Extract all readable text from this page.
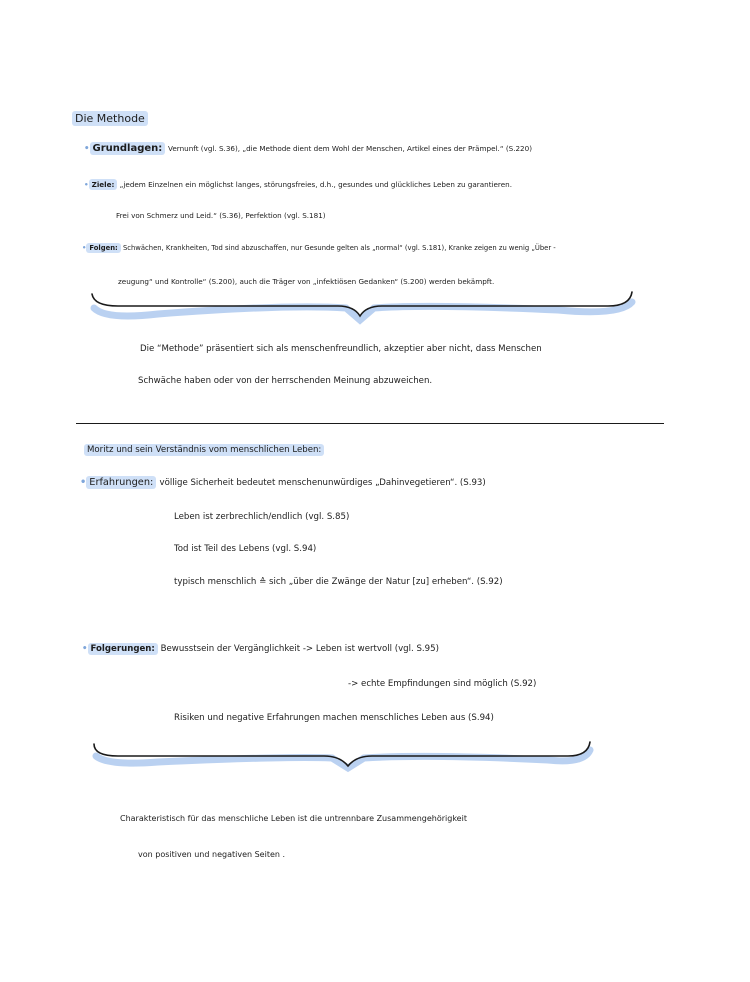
Die Methode
• Grundlagen: Vernunft (vgl. S.36), „die Methode dient dem Wohl der Menschen, Artikel eines der Prämpel.“ (S.220)
• Ziele: „jedem Einzelnen ein möglichst langes, störungsfreies, d.h., gesundes und glückliches Leben zu garantieren.
Frei von Schmerz und Leid.“ (S.36), Perfektion (vgl. S.181)
• Folgen: Schwächen, Krankheiten, Tod sind abzuschaffen, nur Gesunde gelten als „normal“ (vgl. S.181), Kranke zeigen zu wenig „Über -
zeugung“ und Kontrolle“ (S.200), auch die Träger von „infektiösen Gedanken“ (S.200) werden bekämpft.
Die “Methode” präsentiert sich als menschenfreundlich, akzeptier aber nicht, dass Menschen
Schwäche haben oder von der herrschenden Meinung abzuweichen.
Moritz und sein Verständnis vom menschlichen Leben:
• Erfahrungen: völlige Sicherheit bedeutet menschenunwürdiges „Dahinvegetieren“. (S.93)
Leben ist zerbrechlich/endlich (vgl. S.85)
Tod ist Teil des Lebens (vgl. S.94)
typisch menschlich ≙ sich „über die Zwänge der Natur [zu] erheben“. (S.92)
• Folgerungen: Bewusstsein der Vergänglichkeit -> Leben ist wertvoll (vgl. S.95)
-> echte Empfindungen sind möglich (S.92)
Risiken und negative Erfahrungen machen menschliches Leben aus (S.94)
Charakteristisch für das menschliche Leben ist die untrennbare Zusammengehörigkeit
von positiven und negativen Seiten .
